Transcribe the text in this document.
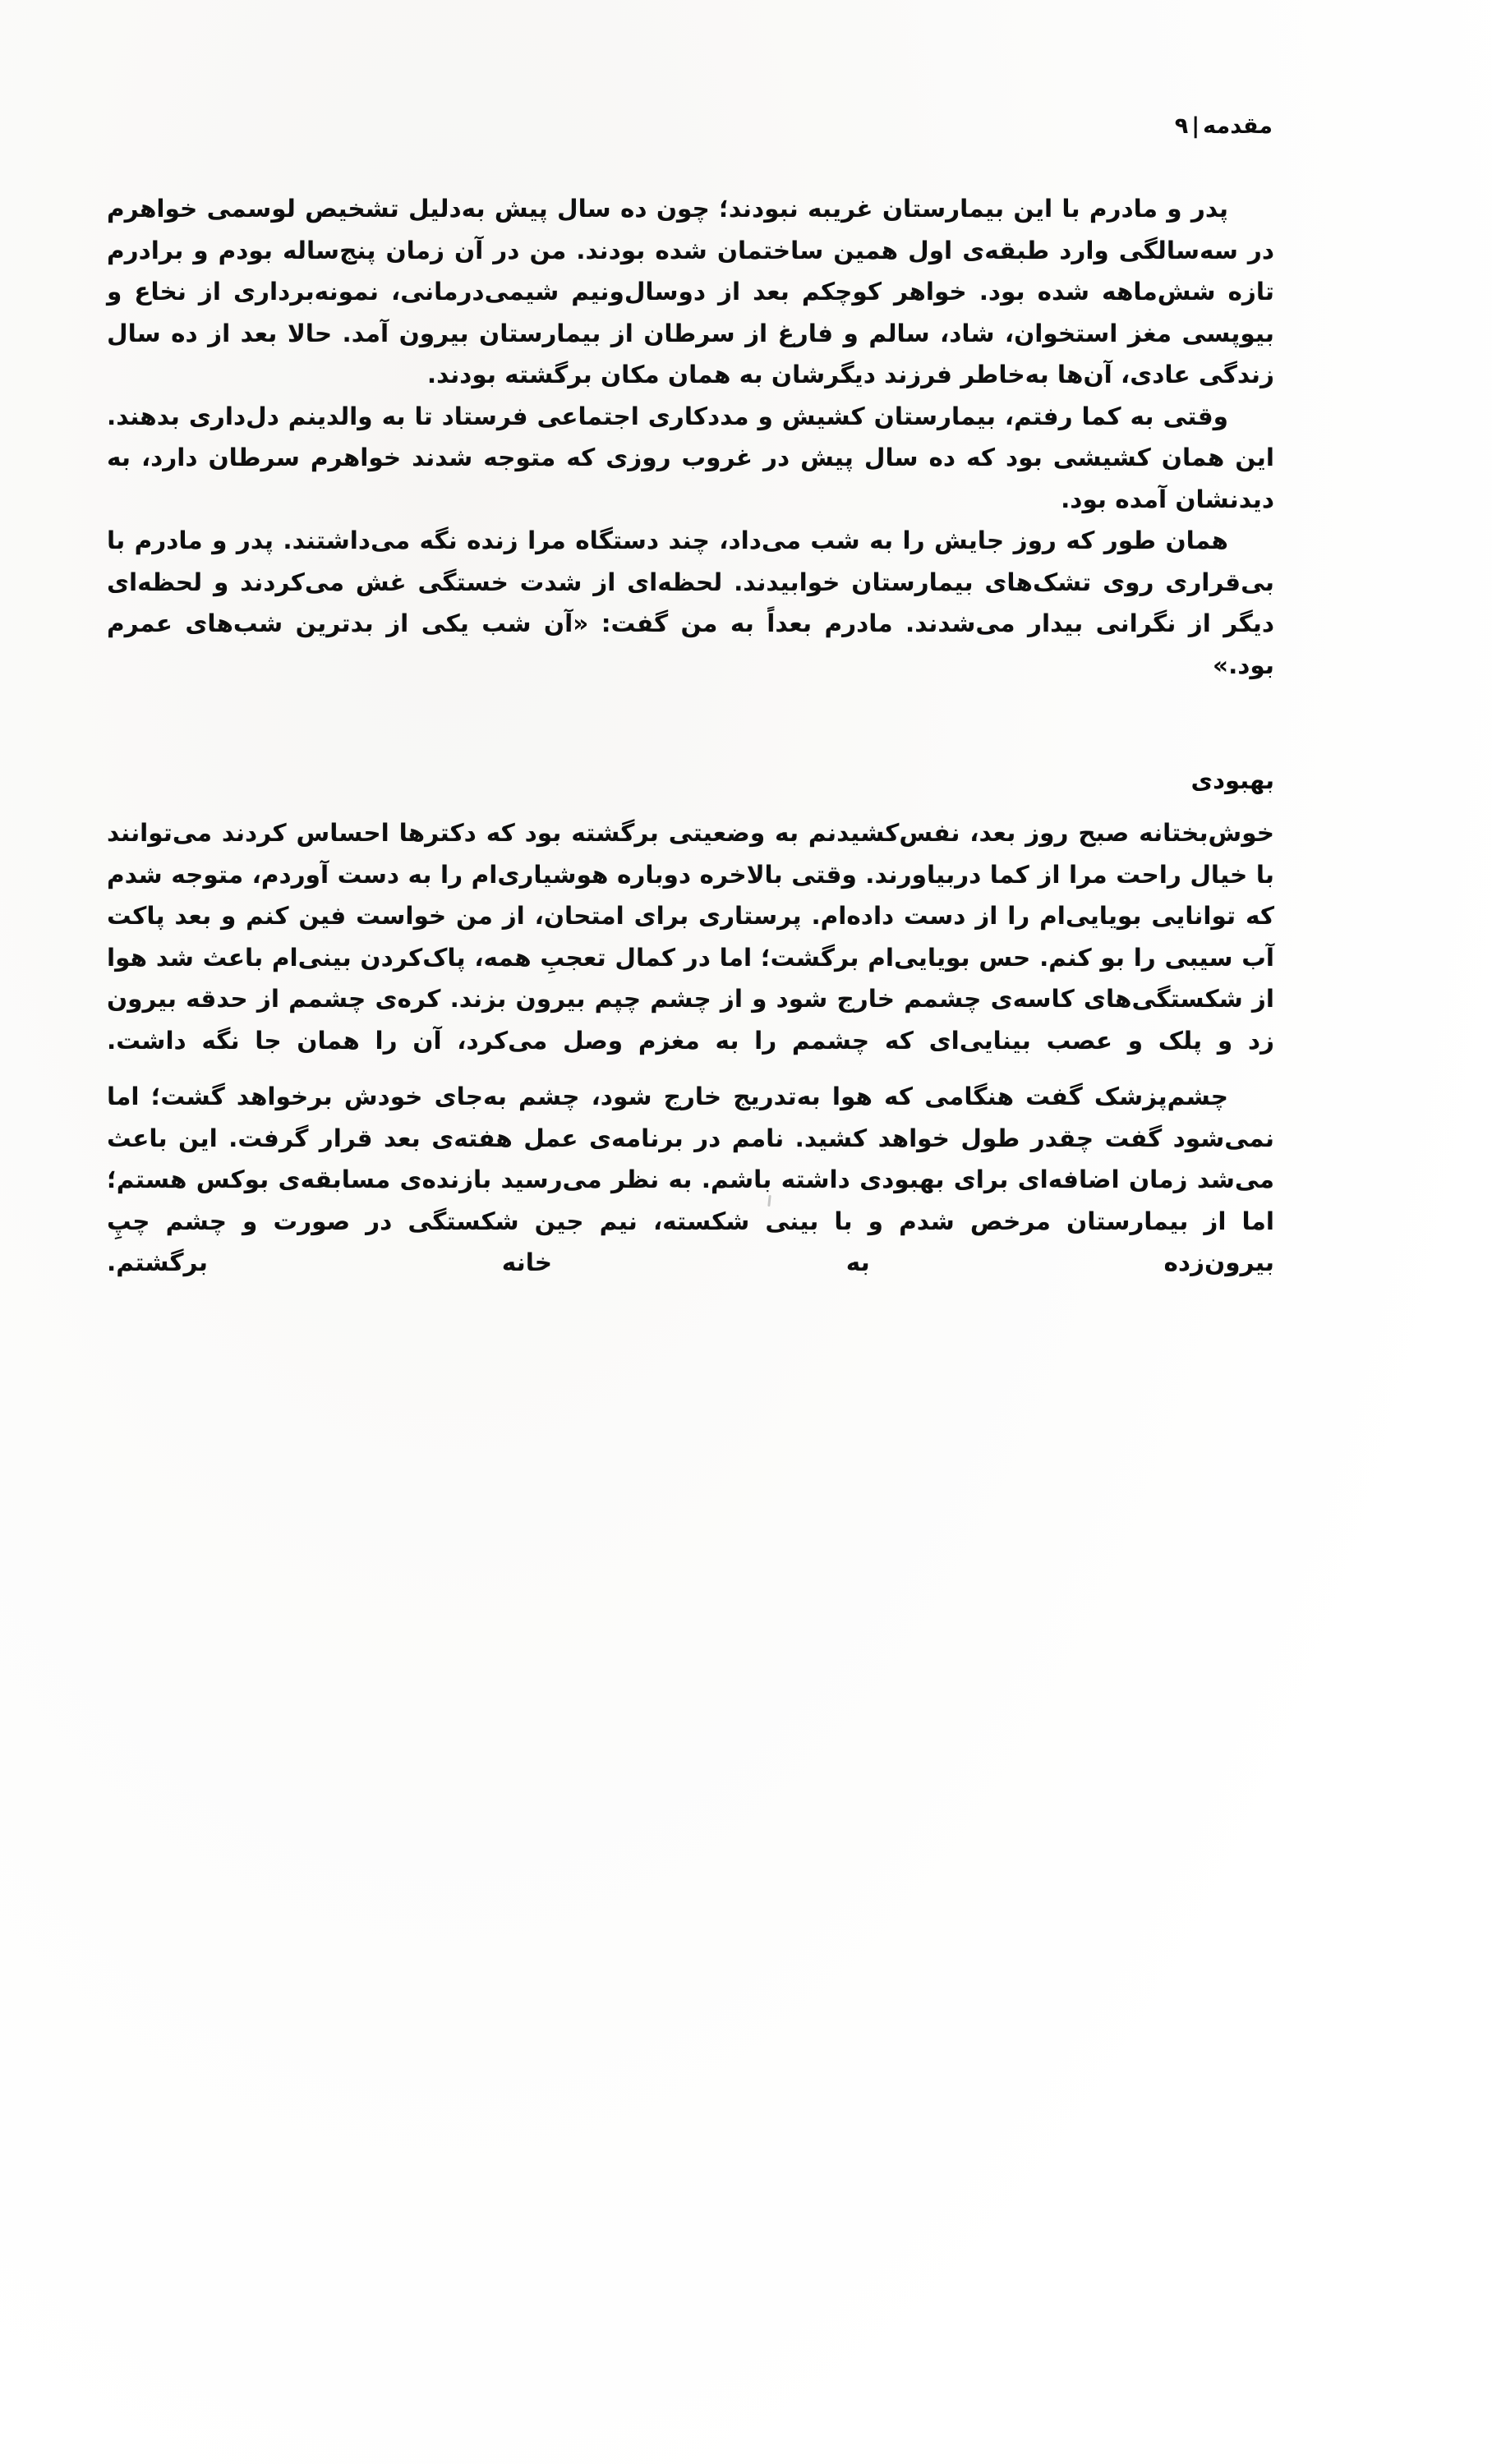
مقدمه|۹

پدر و مادرم با این بیمارستان غریبه نبودند؛ چون ده سال پیش به‌دلیل تشخیص لوسمی خواهرم در سه‌سالگی وارد طبقه‌ی اول همین ساختمان شده بودند. من در آن زمان پنج‌ساله بودم و برادرم تازه شش‌ماهه شده بود. خواهر کوچکم بعد از دوسال‌ونیم شیمی‌درمانی، نمونه‌برداری از نخاع و بیوپسی مغز استخوان، شاد، سالم و فارغ از سرطان از بیمارستان بیرون آمد. حالا بعد از ده سال زندگی عادی، آن‌ها به‌خاطر فرزند دیگرشان به همان مکان برگشته بودند.

وقتی به کما رفتم، بیمارستان کشیش و مددکاری اجتماعی فرستاد تا به والدینم دل‌داری بدهند. این همان کشیشی بود که ده سال پیش در غروب روزی که متوجه شدند خواهرم سرطان دارد، به دیدنشان آمده بود.

همان طور که روز جایش را به شب می‌داد، چند دستگاه مرا زنده نگه می‌داشتند. پدر و مادرم با بی‌قراری روی تشک‌های بیمارستان خوابیدند. لحظه‌ای از شدت خستگی غش می‌کردند و لحظه‌ای دیگر از نگرانی بیدار می‌شدند. مادرم بعداً به من گفت: «آن شب یکی از بدترین شب‌های عمرم بود.»

بهبودی

خوش‌بختانه صبح روز بعد، نفس‌کشیدنم به وضعیتی برگشته بود که دکترها احساس کردند می‌توانند با خیال راحت مرا از کما دربیاورند. وقتی بالاخره دوباره هوشیاری‌ام را به دست آوردم، متوجه شدم که توانایی بویایی‌ام را از دست داده‌ام. پرستاری برای امتحان، از من خواست فین کنم و بعد پاکت آب سیبی را بو کنم. حس بویایی‌ام برگشت؛ اما در کمال تعجبِ همه، پاک‌کردن بینی‌ام باعث شد هوا از شکستگی‌های کاسه‌ی چشمم خارج شود و از چشم چپم بیرون بزند. کره‌ی چشمم از حدقه بیرون زد و پلک و عصب بینایی‌ای که چشمم را به مغزم وصل می‌کرد، آن را همان جا نگه داشت.

چشم‌پزشک گفت هنگامی که هوا به‌تدریج خارج شود، چشم به‌جای خودش برخواهد گشت؛ اما نمی‌شود گفت چقدر طول خواهد کشید. نامم در برنامه‌ی عمل هفته‌ی بعد قرار گرفت. این باعث می‌شد زمان اضافه‌ای برای بهبودی داشته باشم. به نظر می‌رسید بازنده‌ی مسابقه‌ی بوکس هستم؛ اما از بیمارستان مرخص شدم و با بینی شکسته، نیم جین شکستگی در صورت و چشم چپِ بیرون‌زده به خانه برگشتم.
